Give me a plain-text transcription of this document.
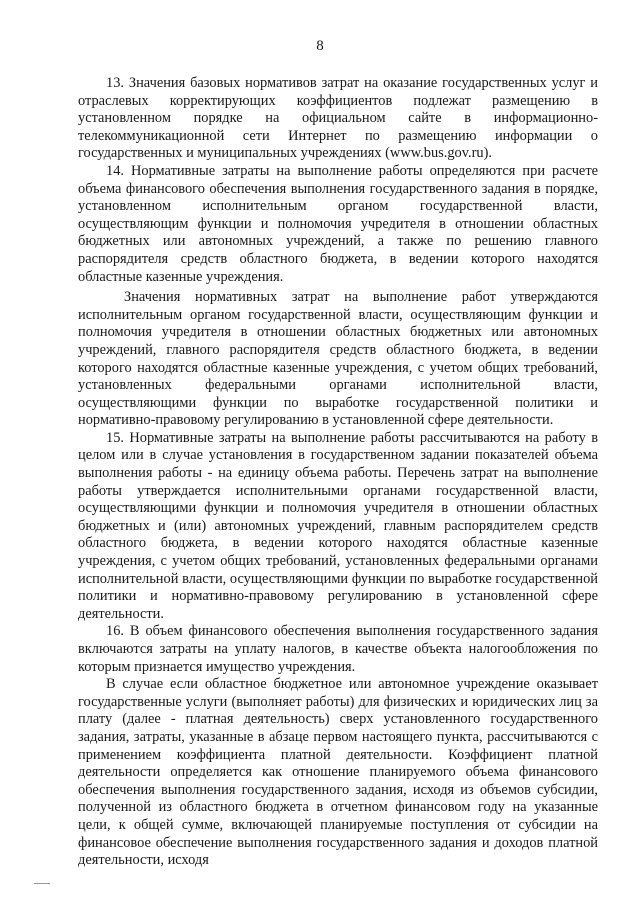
8

13. Значения базовых нормативов затрат на оказание государственных услуг и отраслевых корректирующих коэффициентов подлежат размещению в установленном порядке на официальном сайте в информационно-телекоммуникационной сети Интернет по размещению информации о государственных и муниципальных учреждениях (www.bus.gov.ru).

14. Нормативные затраты на выполнение работы определяются при расчете объема финансового обеспечения выполнения государственного задания в порядке, установленном исполнительным органом государственной власти, осуществляющим функции и полномочия учредителя в отношении областных бюджетных или автономных учреждений, а также по решению главного распорядителя средств областного бюджета, в ведении которого находятся областные казенные учреждения.

Значения нормативных затрат на выполнение работ утверждаются исполнительным органом государственной власти, осуществляющим функции и полномочия учредителя в отношении областных бюджетных или автономных учреждений, главного распорядителя средств областного бюджета, в ведении которого находятся областные казенные учреждения, с учетом общих требований, установленных федеральными органами исполнительной власти, осуществляющими функции по выработке государственной политики и нормативно-правовому регулированию в установленной сфере деятельности.

15. Нормативные затраты на выполнение работы рассчитываются на работу в целом или в случае установления в государственном задании показателей объема выполнения работы - на единицу объема работы. Перечень затрат на выполнение работы утверждается исполнительными органами государственной власти, осуществляющими функции и полномочия учредителя в отношении областных бюджетных и (или) автономных учреждений, главным распорядителем средств областного бюджета, в ведении которого находятся областные казенные учреждения, с учетом общих требований, установленных федеральными органами исполнительной власти, осуществляющими функции по выработке государственной политики и нормативно-правовому регулированию в установленной сфере деятельности.

16. В объем финансового обеспечения выполнения государственного задания включаются затраты на уплату налогов, в качестве объекта налогообложения по которым признается имущество учреждения.

В случае если областное бюджетное или автономное учреждение оказывает государственные услуги (выполняет работы) для физических и юридических лиц за плату (далее - платная деятельность) сверх установленного государственного задания, затраты, указанные в абзаце первом настоящего пункта, рассчитываются с применением коэффициента платной деятельности. Коэффициент платной деятельности определяется как отношение планируемого объема финансового обеспечения выполнения государственного задания, исходя из объемов субсидии, полученной из областного бюджета в отчетном финансовом году на указанные цели, к общей сумме, включающей планируемые поступления от субсидии на финансовое обеспечение выполнения государственного задания и доходов платной деятельности, исходя
